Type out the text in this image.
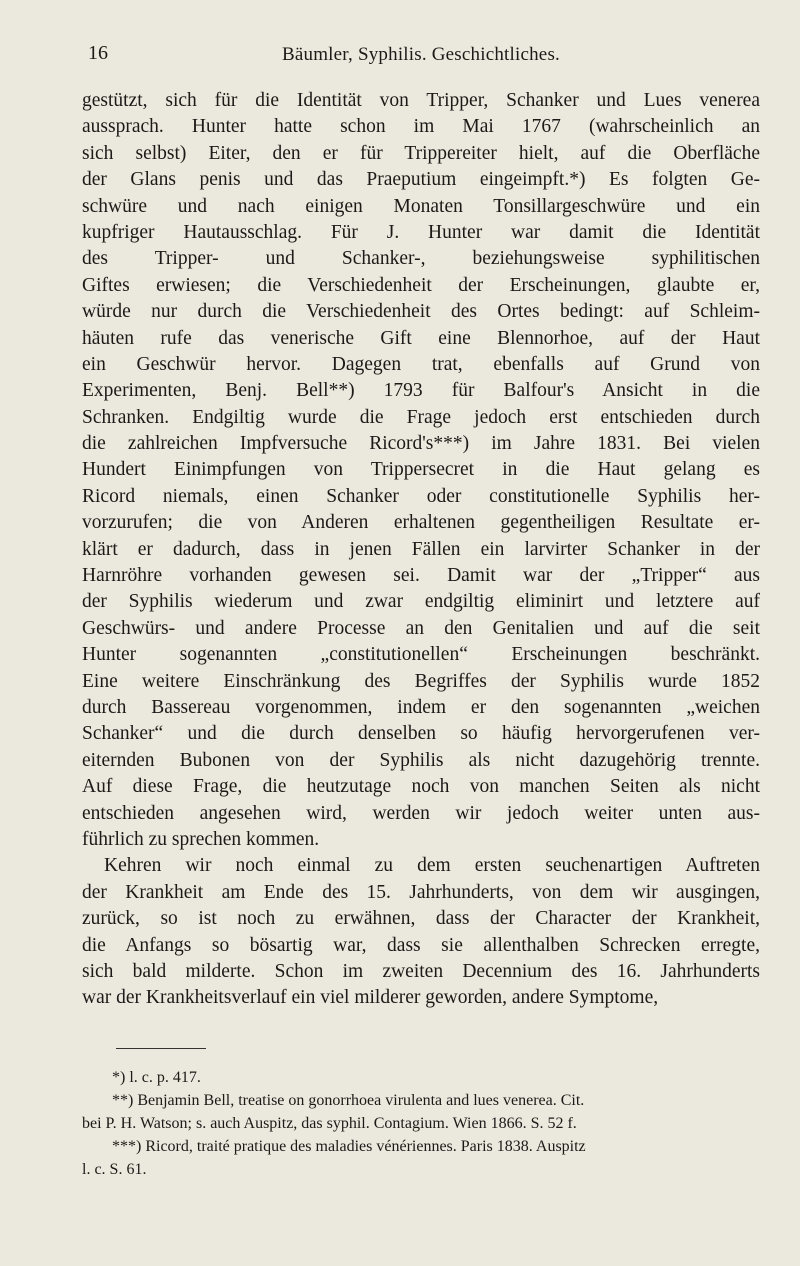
16	Bäumler, Syphilis. Geschichtliches.
gestützt, sich für die Identität von Tripper, Schanker und Lues venerea
aussprach. Hunter hatte schon im Mai 1767 (wahrscheinlich an
sich selbst) Eiter, den er für Trippereiter hielt, auf die Oberfläche
der Glans penis und das Praeputium eingeimpft.*) Es folgten Ge-
schwüre und nach einigen Monaten Tonsillargeschwüre und ein
kupfriger Hautausschlag. Für J. Hunter war damit die Identität
des Tripper- und Schanker-, beziehungsweise syphilitischen
Giftes erwiesen; die Verschiedenheit der Erscheinungen, glaubte er,
würde nur durch die Verschiedenheit des Ortes bedingt: auf Schleim-
häuten rufe das venerische Gift eine Blennorhoe, auf der Haut
ein Geschwür hervor. Dagegen trat, ebenfalls auf Grund von
Experimenten, Benj. Bell**) 1793 für Balfour's Ansicht in die
Schranken. Endgiltig wurde die Frage jedoch erst entschieden durch
die zahlreichen Impfversuche Ricord's***) im Jahre 1831. Bei vielen
Hundert Einimpfungen von Trippersecret in die Haut gelang es
Ricord niemals, einen Schanker oder constitutionelle Syphilis her-
vorzurufen; die von Anderen erhaltenen gegentheiligen Resultate er-
klärt er dadurch, dass in jenen Fällen ein larvirter Schanker in der
Harnröhre vorhanden gewesen sei. Damit war der „Tripper“ aus
der Syphilis wiederum und zwar endgiltig eliminirt und letztere auf
Geschwürs- und andere Processe an den Genitalien und auf die seit
Hunter sogenannten „constitutionellen“ Erscheinungen beschränkt.
Eine weitere Einschränkung des Begriffes der Syphilis wurde 1852
durch Bassereau vorgenommen, indem er den sogenannten „weichen
Schanker“ und die durch denselben so häufig hervorgerufenen ver-
eiternden Bubonen von der Syphilis als nicht dazugehörig trennte.
Auf diese Frage, die heutzutage noch von manchen Seiten als nicht
entschieden angesehen wird, werden wir jedoch weiter unten aus-
führlich zu sprechen kommen.
Kehren wir noch einmal zu dem ersten seuchenartigen Auftreten
der Krankheit am Ende des 15. Jahrhunderts, von dem wir ausgingen,
zurück, so ist noch zu erwähnen, dass der Character der Krankheit,
die Anfangs so bösartig war, dass sie allenthalben Schrecken erregte,
sich bald milderte. Schon im zweiten Decennium des 16. Jahrhunderts
war der Krankheitsverlauf ein viel milderer geworden, andere Symptome,
*) l. c. p. 417.
**) Benjamin Bell, treatise on gonorrhoea virulenta and lues venerea. Cit.
bei P. H. Watson; s. auch Auspitz, das syphil. Contagium. Wien 1866. S. 52 f.
***) Ricord, traité pratique des maladies vénériennes. Paris 1838. Auspitz
l. c. S. 61.
